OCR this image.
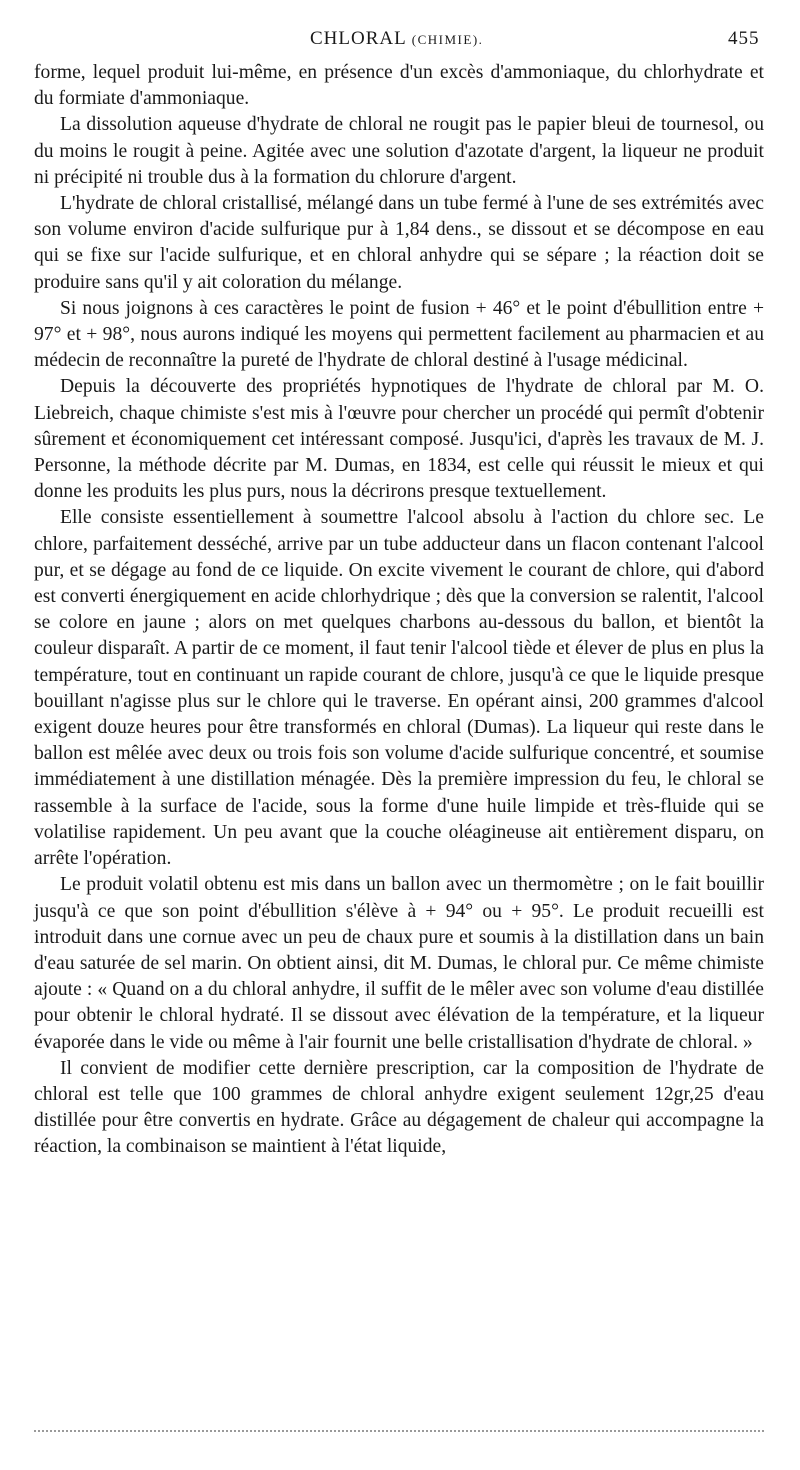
CHLORAL (CHIMIE).	455

forme, lequel produit lui-même, en présence d'un excès d'ammoniaque, du chlorhydrate et du formiate d'ammoniaque.

La dissolution aqueuse d'hydrate de chloral ne rougit pas le papier bleui de tournesol, ou du moins le rougit à peine. Agitée avec une solution d'azotate d'argent, la liqueur ne produit ni précipité ni trouble dus à la formation du chlorure d'argent.

L'hydrate de chloral cristallisé, mélangé dans un tube fermé à l'une de ses extrémités avec son volume environ d'acide sulfurique pur à 1,84 dens., se dissout et se décompose en eau qui se fixe sur l'acide sulfurique, et en chloral anhydre qui se sépare ; la réaction doit se produire sans qu'il y ait coloration du mélange.

Si nous joignons à ces caractères le point de fusion + 46° et le point d'ébullition entre + 97° et + 98°, nous aurons indiqué les moyens qui permettent facilement au pharmacien et au médecin de reconnaître la pureté de l'hydrate de chloral destiné à l'usage médicinal.

Depuis la découverte des propriétés hypnotiques de l'hydrate de chloral par M. O. Liebreich, chaque chimiste s'est mis à l'œuvre pour chercher un procédé qui permît d'obtenir sûrement et économiquement cet intéressant composé. Jusqu'ici, d'après les travaux de M. J. Personne, la méthode décrite par M. Dumas, en 1834, est celle qui réussit le mieux et qui donne les produits les plus purs, nous la décrirons presque textuellement.

Elle consiste essentiellement à soumettre l'alcool absolu à l'action du chlore sec. Le chlore, parfaitement desséché, arrive par un tube adducteur dans un flacon contenant l'alcool pur, et se dégage au fond de ce liquide. On excite vivement le courant de chlore, qui d'abord est converti énergiquement en acide chlorhydrique ; dès que la conversion se ralentit, l'alcool se colore en jaune ; alors on met quelques charbons au-dessous du ballon, et bientôt la couleur disparaît. A partir de ce moment, il faut tenir l'alcool tiède et élever de plus en plus la température, tout en continuant un rapide courant de chlore, jusqu'à ce que le liquide presque bouillant n'agisse plus sur le chlore qui le traverse. En opérant ainsi, 200 grammes d'alcool exigent douze heures pour être transformés en chloral (Dumas). La liqueur qui reste dans le ballon est mêlée avec deux ou trois fois son volume d'acide sulfurique concentré, et soumise immédiatement à une distillation ménagée. Dès la première impression du feu, le chloral se rassemble à la surface de l'acide, sous la forme d'une huile limpide et très-fluide qui se volatilise rapidement. Un peu avant que la couche oléagineuse ait entièrement disparu, on arrête l'opération.

Le produit volatil obtenu est mis dans un ballon avec un thermomètre ; on le fait bouillir jusqu'à ce que son point d'ébullition s'élève à + 94° ou + 95°. Le produit recueilli est introduit dans une cornue avec un peu de chaux pure et soumis à la distillation dans un bain d'eau saturée de sel marin. On obtient ainsi, dit M. Dumas, le chloral pur. Ce même chimiste ajoute : « Quand on a du chloral anhydre, il suffit de le mêler avec son volume d'eau distillée pour obtenir le chloral hydraté. Il se dissout avec élévation de la température, et la liqueur évaporée dans le vide ou même à l'air fournit une belle cristallisation d'hydrate de chloral. »

Il convient de modifier cette dernière prescription, car la composition de l'hydrate de chloral est telle que 100 grammes de chloral anhydre exigent seulement 12gr,25 d'eau distillée pour être convertis en hydrate. Grâce au dégagement de chaleur qui accompagne la réaction, la combinaison se maintient à l'état liquide,
